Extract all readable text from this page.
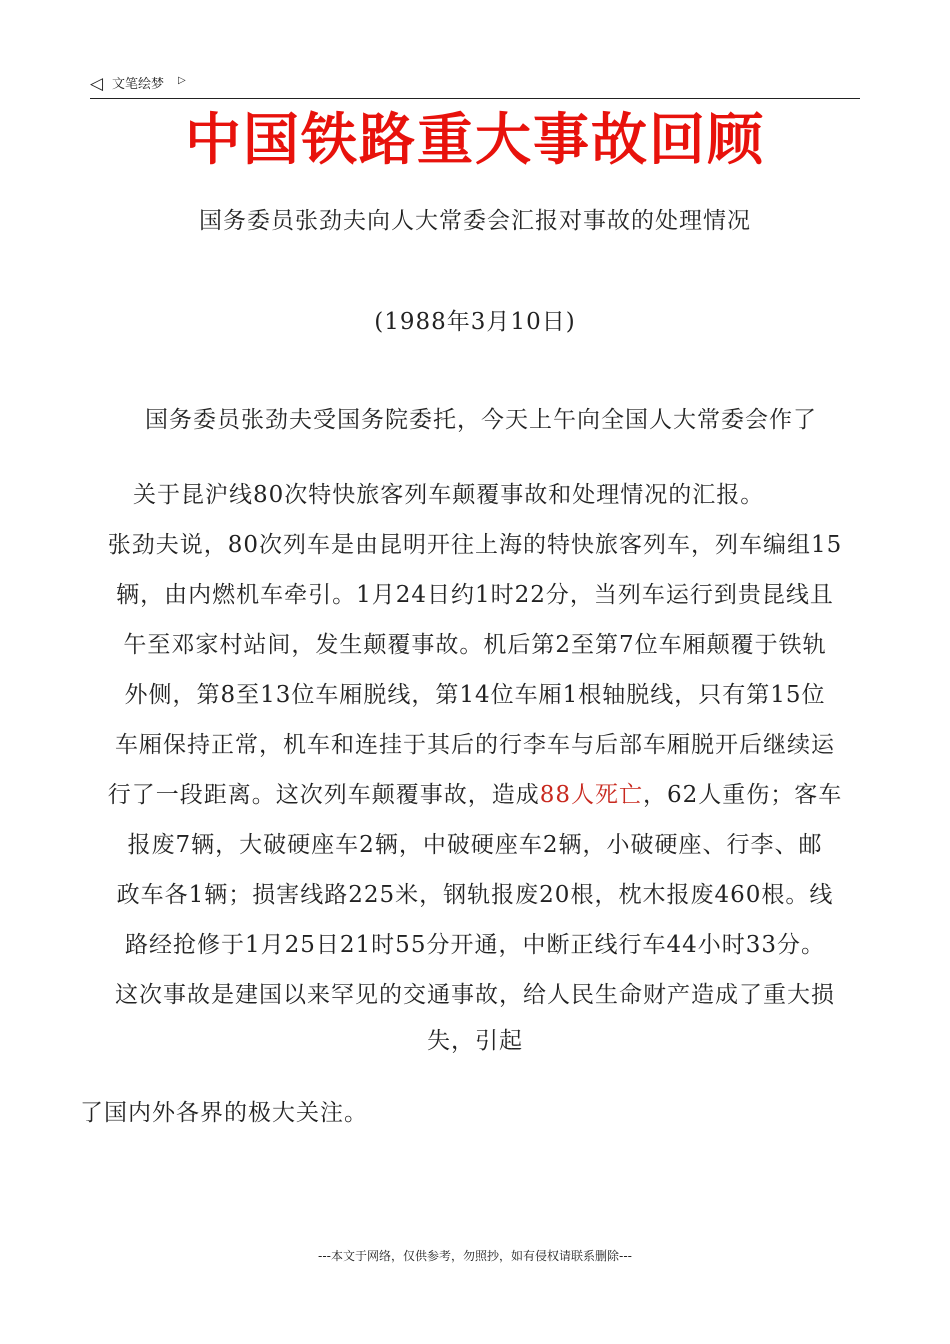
◁ 文笔绘梦 ▷
中国铁路重大事故回顾
国务委员张劲夫向人大常委会汇报对事故的处理情况
(1988年3月10日)
国务委员张劲夫受国务院委托，今天上午向全国人大常委会作了
关于昆沪线80次特快旅客列车颠覆事故和处理情况的汇报。
张劲夫说，80次列车是由昆明开往上海的特快旅客列车，列车编组15
辆，由内燃机车牵引。1月24日约1时22分，当列车运行到贵昆线且
午至邓家村站间，发生颠覆事故。机后第2至第7位车厢颠覆于铁轨
外侧，第8至13位车厢脱线，第14位车厢1根轴脱线，只有第15位
车厢保持正常，机车和连挂于其后的行李车与后部车厢脱开后继续运
行了一段距离。这次列车颠覆事故，造成88人死亡，62人重伤；客车
报废7辆，大破硬座车2辆，中破硬座车2辆，小破硬座、行李、邮
政车各1辆；损害线路225米，钢轨报废20根，枕木报废460根。线
路经抢修于1月25日21时55分开通，中断正线行车44小时33分。
这次事故是建国以来罕见的交通事故，给人民生命财产造成了重大损
失，引起
了国内外各界的极大关注。
---本文于网络，仅供参考，勿照抄，如有侵权请联系删除---
